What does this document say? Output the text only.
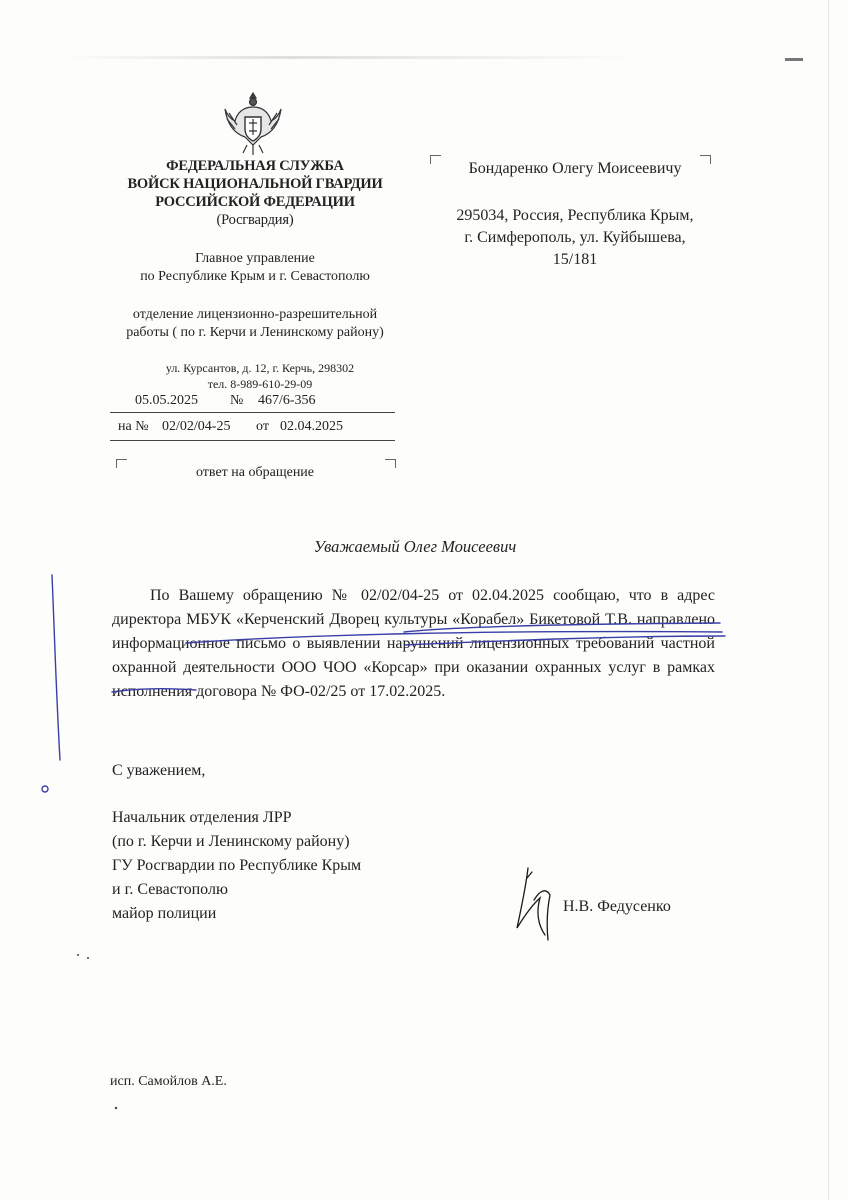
ФЕДЕРАЛЬНАЯ СЛУЖБА
ВОЙСК НАЦИОНАЛЬНОЙ ГВАРДИИ
РОССИЙСКОЙ ФЕДЕРАЦИИ
(Росгвардия)
Главное управление
по Республике Крым и г. Севастополю
отделение лицензионно-разрешительной
работы ( по г. Керчи и Ленинскому району)
ул. Курсантов, д. 12, г. Керчь, 298302
тел. 8-989-610-29-09
05.05.2025 № 467/6-356
на № 02/02/04-25 от 02.04.2025
ответ на обращение
Бондаренко Олегу Моисеевичу
295034, Россия, Республика Крым,
г. Симферополь, ул. Куйбышева,
15/181
Уважаемый Олег Моисеевич
По Вашему обращению № 02/02/04-25 от 02.04.2025 сообщаю, что в адрес директора МБУК «Керченский Дворец культуры «Корабел» Бикетовой Т.В. направлено информационное письмо о выявлении нарушений лицензионных требований частной охранной деятельности ООО ЧОО «Корсар» при оказании охранных услуг в рамках исполнения договора № ФО-02/25 от 17.02.2025.
С уважением,
Начальник отделения ЛРР
(по г. Керчи и Ленинскому району)
ГУ Росгвардии по Республике Крым
и г. Севастополю
майор полиции	Н.В. Федусенко
исп. Самойлов А.Е.
